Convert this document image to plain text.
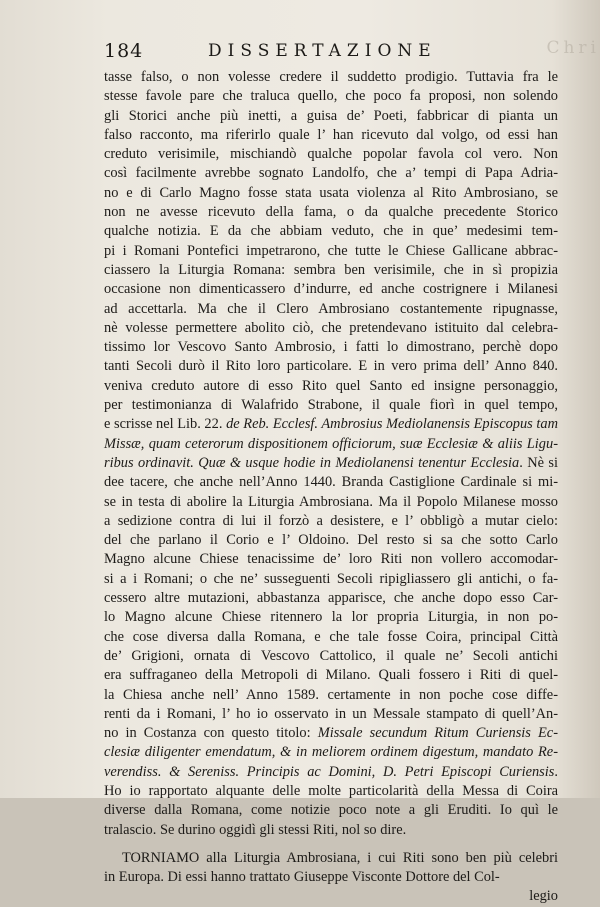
Chri
184	DISSERTAZIONE
tasse falso, o non volesse credere il suddetto prodigio. Tuttavia fra le
stesse favole pare che traluca quello, che poco fa proposi, non solendo
gli Storici anche più inetti, a guisa de’ Poeti, fabbricar di pianta un
falso racconto, ma riferirlo quale l’ han ricevuto dal volgo, od essi han
creduto verisimile, mischiandò qualche popolar favola col vero. Non
così facilmente avrebbe sognato Landolfo, che a’ tempi di Papa Adria-
no e di Carlo Magno fosse stata usata violenza al Rito Ambrosiano, se
non ne avesse ricevuto della fama, o da qualche precedente Storico
qualche notizia. E da che abbiam veduto, che in que’ medesimi tem-
pi i Romani Pontefici impetrarono, che tutte le Chiese Gallicane abbrac-
ciassero la Liturgia Romana: sembra ben verisimile, che in sì propizia
occasione non dimenticassero d’indurre, ed anche costrignere i Milanesi
ad accettarla. Ma che il Clero Ambrosiano costantemente ripugnasse,
nè volesse permettere abolito ciò, che pretendevano istituito dal celebra-
tissimo lor Vescovo Santo Ambrosio, i fatti lo dimostrano, perchè dopo
tanti Secoli durò il Rito loro particolare. E in vero prima dell’ Anno 840.
veniva creduto autore di esso Rito quel Santo ed insigne personaggio,
per testimonianza di Walafrido Strabone, il quale fiorì in quel tempo,
e scrisse nel Lib. 22. de Reb. Ecclesf. Ambrosius Mediolanensis Episcopus tam
Missæ, quam ceterorum dispositionem officiorum, suæ Ecclesiæ & aliis Ligu-
ribus ordinavit. Quæ & usque hodie in Mediolanensi tenentur Ecclesia. Nè si
dee tacere, che anche nell’Anno 1440. Branda Castiglione Cardinale si mi-
se in testa di abolire la Liturgia Ambrosiana. Ma il Popolo Milanese mosso
a sedizione contra di lui il forzò a desistere, e l’ obbligò a mutar cielo:
del che parlano il Corio e l’ Oldoino. Del resto si sa che sotto Carlo
Magno alcune Chiese tenacissime de’ loro Riti non vollero accomodar-
si a i Romani; o che ne’ susseguenti Secoli ripigliassero gli antichi, o fa-
cessero altre mutazioni, abbastanza apparisce, che anche dopo esso Car-
lo Magno alcune Chiese ritennero la lor propria Liturgia, in non po-
che cose diversa dalla Romana, e che tale fosse Coira, principal Città
de’ Grigioni, ornata di Vescovo Cattolico, il quale ne’ Secoli antichi
era suffraganeo della Metropoli di Milano. Quali fossero i Riti di quel-
la Chiesa anche nell’ Anno 1589. certamente in non poche cose diffe-
renti da i Romani, l’ ho io osservato in un Messale stampato di quell’An-
no in Costanza con questo titolo: Missale secundum Ritum Curiensis Ec-
clesiæ diligenter emendatum, & in meliorem ordinem digestum, mandato Re-
verendiss. & Sereniss. Principis ac Domini, D. Petri Episcopi Curiensis.
Ho io rapportato alquante delle molte particolarità della Messa di Coira
diverse dalla Romana, come notizie poco note a gli Eruditi. Io quì le
tralascio. Se durino oggidì gli stessi Riti, nol so dire.
TORNIAMO alla Liturgia Ambrosiana, i cui Riti sono ben più celebri
in Europa. Di essi hanno trattato Giuseppe Visconte Dottore del Col-
legio
